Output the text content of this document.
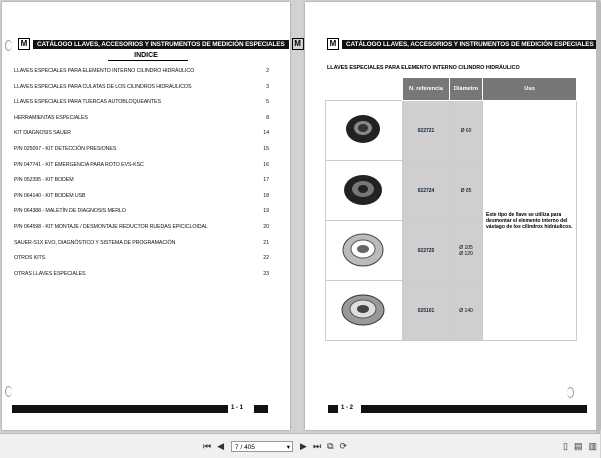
M	CATÁLOGO LLAVES, ACCESORIOS Y INSTRUMENTOS DE MEDICIÓN ESPECIALES	M
INDICE
LLAVES ESPECIALES PARA ELEMENTO INTERNO CILINDRO HIDRÁULICO	2
LLAVES ESPECIALES PARA CULATAS DE LOS CILINDROS HIDRÁULICOS	3
LLAVES ESPECIALES PARA TUERCAS AUTOBLOQUEANTES	5
HERRAMIENTAS ESPECIALES	8
KIT DIAGNOSIS SAUER	14
P/N 025097 - KIT DETECCIÓN PRESIONES	15
P/N 047741 - KIT EMERGENCIA PARA ROTO EVS-KSC	16
P/N 052395 - KIT BODEM	17
P/N 064140 - KIT BODEM USB	18
P/N 064388 - MALETÍN DE DIAGNOSIS MERLO	19
P/N 064598 - KIT MONTAJE / DESMONTAJE REDUCTOR RUEDAS EPICICLOIDAL	20
SAUER-S1X EVO, DIAGNÓSTICO Y SISTEMA DE PROGRAMACIÓN	21
OTROS KITS	22
OTRAS LLAVES ESPECIALES	23
1 - 1
M	CATÁLOGO LLAVES, ACCESORIOS Y INSTRUMENTOS DE MEDICIÓN ESPECIALES
LLAVES ESPECIALES PARA ELEMENTO INTERNO CILINDRO HIDRÁULICO
	N. referencia	Diámetro	Uso
	022721	Ø 60	Este tipo de llave se utiliza para desmontar el elemento interno del vástago de los cilindros hidráulicos.
	022724	Ø 85	
	022725	Ø 105
Ø 120	
	025101	Ø 140	
1 - 2
⏮ ◀	7 / 405	▾ ▶ ⏭ ⧉ ⟳	▯ ▤ ▥
